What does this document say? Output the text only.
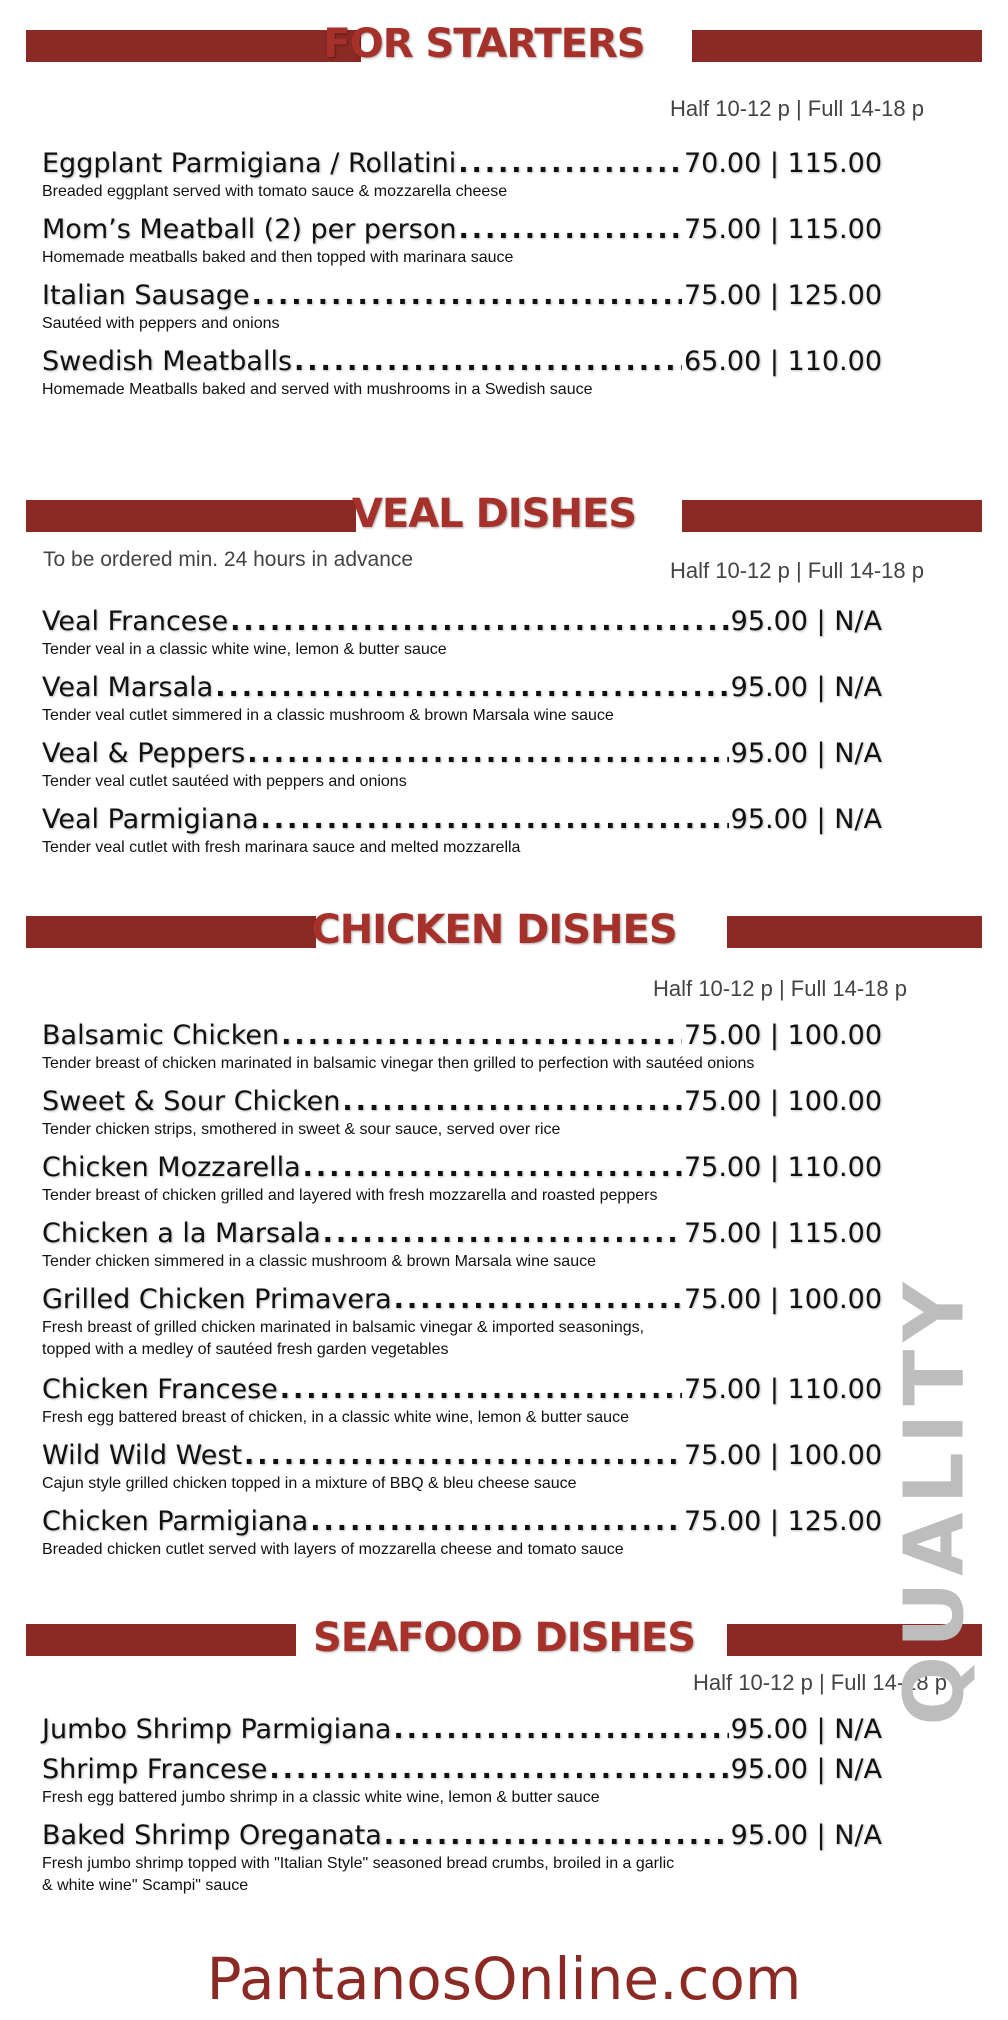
FOR STARTERS
Half 10-12 p | Full 14-18 p
Eggplant Parmigiana / Rollatini .....	70.00 | 115.00
Breaded eggplant served with tomato sauce & mozzarella cheese
Mom’s Meatball (2) per person .....	75.00 | 115.00
Homemade meatballs baked and then topped with marinara sauce
Italian Sausage .....	75.00 | 125.00
Sautéed with peppers and onions
Swedish Meatballs .....	65.00 | 110.00
Homemade Meatballs baked and served with mushrooms in a Swedish sauce
VEAL DISHES
To be ordered min. 24 hours in advance	Half 10-12 p | Full 14-18 p
Veal Francese .....	95.00 | N/A
Tender veal in a classic white wine, lemon & butter sauce
Veal Marsala .....	95.00 | N/A
Tender veal cutlet simmered in a classic mushroom & brown Marsala wine sauce
Veal & Peppers .....	95.00 | N/A
Tender veal cutlet sautéed with peppers and onions
Veal Parmigiana .....	95.00 | N/A
Tender veal cutlet with fresh marinara sauce and melted mozzarella
CHICKEN DISHES
Half 10-12 p | Full 14-18 p
Balsamic Chicken .....	75.00 | 100.00
Tender breast of chicken marinated in balsamic vinegar then grilled to perfection with sautéed onions
Sweet & Sour Chicken .....	75.00 | 100.00
Tender chicken strips, smothered in sweet & sour sauce, served over rice
Chicken Mozzarella .....	75.00 | 110.00
Tender breast of chicken grilled and layered with fresh mozzarella and roasted peppers
Chicken a la Marsala .....	75.00 | 115.00
Tender chicken simmered in a classic mushroom & brown Marsala wine sauce
Grilled Chicken Primavera .....	75.00 | 100.00
Fresh breast of grilled chicken marinated in balsamic vinegar & imported seasonings,
topped with a medley of sautéed fresh garden vegetables
Chicken Francese .....	75.00 | 110.00
Fresh egg battered breast of chicken, in a classic white wine, lemon & butter sauce
Wild Wild West .....	75.00 | 100.00
Cajun style grilled chicken topped in a mixture of BBQ & bleu cheese sauce
Chicken Parmigiana .....	75.00 | 125.00
Breaded chicken cutlet served with layers of mozzarella cheese and tomato sauce
SEAFOOD DISHES
Half 10-12 p | Full 14-18 p
Jumbo Shrimp Parmigiana .....	95.00 | N/A
Shrimp Francese .....	95.00 | N/A
Fresh egg battered jumbo shrimp in a classic white wine, lemon & butter sauce
Baked Shrimp Oreganata .....	95.00 | N/A
Fresh jumbo shrimp topped with "Italian Style" seasoned bread crumbs, broiled in a garlic
& white wine" Scampi" sauce
QUALITY
PantanosOnline.com
